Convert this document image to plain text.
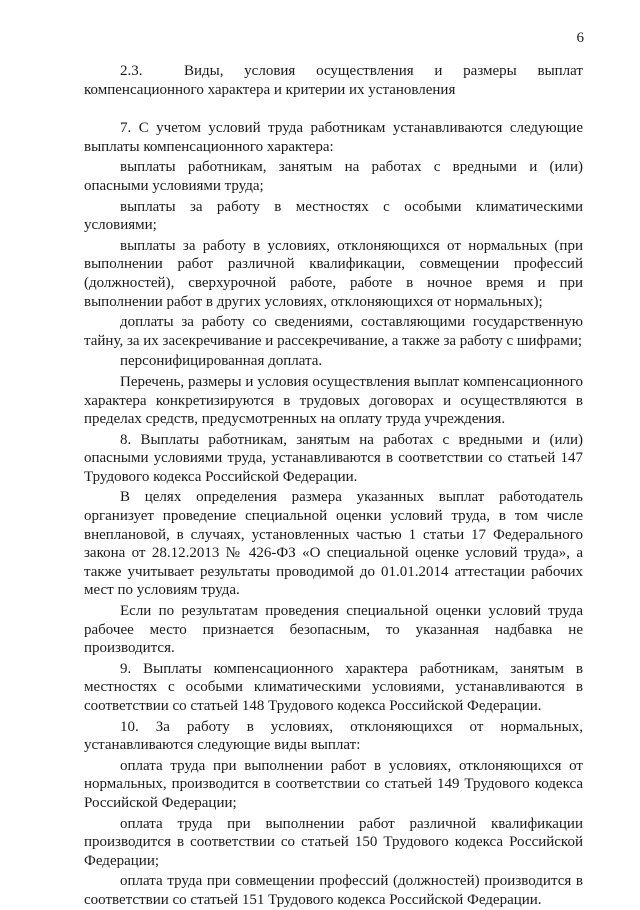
6

2.3.  Виды, условия осуществления и размеры выплат компенсационного характера и критерии их установления

7. С учетом условий труда работникам устанавливаются следующие выплаты компенсационного характера:

выплаты работникам, занятым на работах с вредными и (или) опасными условиями труда;

выплаты за работу в местностях с особыми климатическими условиями;

выплаты за работу в условиях, отклоняющихся от нормальных (при выполнении работ различной квалификации, совмещении профессий (должностей), сверхурочной работе, работе в ночное время и при выполнении работ в других условиях, отклоняющихся от нормальных);

доплаты за работу со сведениями, составляющими государственную тайну, за их засекречивание и рассекречивание, а также за работу с шифрами;

персонифицированная доплата.

Перечень, размеры и условия осуществления выплат компенсационного характера конкретизируются в трудовых договорах и осуществляются в пределах средств, предусмотренных на оплату труда учреждения.

8. Выплаты работникам, занятым на работах с вредными и (или) опасными условиями труда, устанавливаются в соответствии со статьей 147 Трудового кодекса Российской Федерации.

В целях определения размера указанных выплат работодатель организует проведение специальной оценки условий труда, в том числе внеплановой, в случаях, установленных частью 1 статьи 17 Федерального закона от 28.12.2013 № 426-ФЗ «О специальной оценке условий труда», а также учитывает результаты проводимой до 01.01.2014 аттестации рабочих мест по условиям труда.

Если по результатам проведения специальной оценки условий труда рабочее место признается безопасным, то указанная надбавка не производится.

9. Выплаты компенсационного характера работникам, занятым в местностях с особыми климатическими условиями, устанавливаются в соответствии со статьей 148 Трудового кодекса Российской Федерации.

10. За работу в условиях, отклоняющихся от нормальных, устанавливаются следующие виды выплат:

оплата труда при выполнении работ в условиях, отклоняющихся от нормальных, производится в соответствии со статьей 149 Трудового кодекса Российской Федерации;

оплата труда при выполнении работ различной квалификации производится в соответствии со статьей 150 Трудового кодекса Российской Федерации;

оплата труда при совмещении профессий (должностей) производится в соответствии со статьей 151 Трудового кодекса Российской Федерации.
